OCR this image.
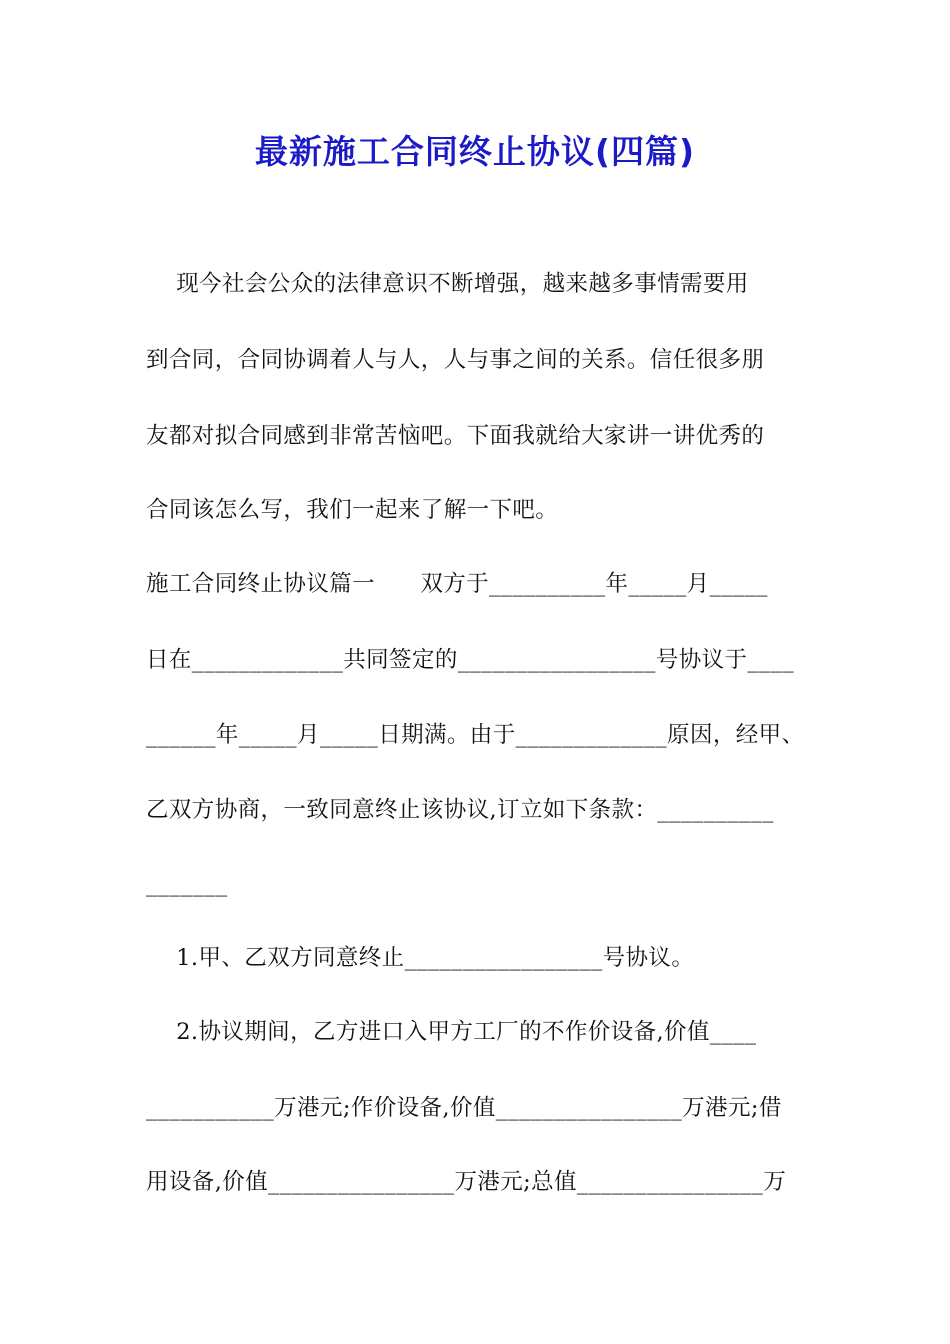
最新施工合同终止协议(四篇)
现今社会公众的法律意识不断增强，越来越多事情需要用
到合同，合同协调着人与人，人与事之间的关系。信任很多朋
友都对拟合同感到非常苦恼吧。下面我就给大家讲一讲优秀的
合同该怎么写，我们一起来了解一下吧。
施工合同终止协议篇一      双方于__________年_____月_____
日在_____________共同签定的_________________号协议于____
______年_____月_____日期满。由于_____________原因，经甲、
乙双方协商，一致同意终止该协议,订立如下条款：__________
_______
1.甲、乙双方同意终止_________________号协议。
2.协议期间，乙方进口入甲方工厂的不作价设备,价值____
___________万港元;作价设备,价值________________万港元;借
用设备,价值________________万港元;总值________________万
